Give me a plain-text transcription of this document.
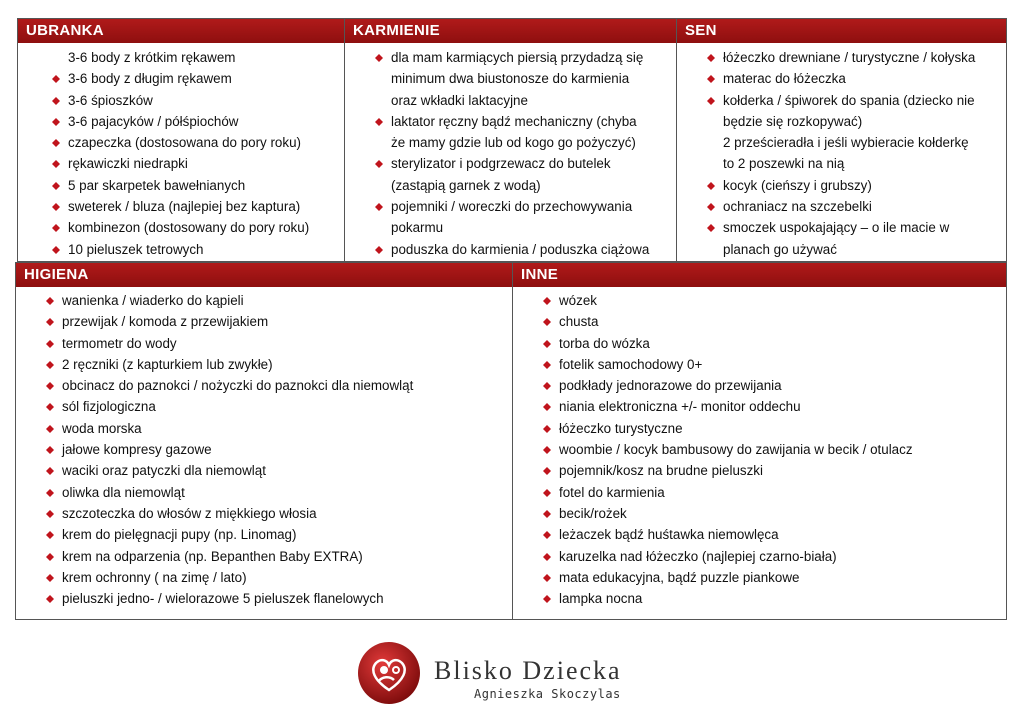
UBRANKA
3-6 body z krótkim rękawem
3-6 body z długim rękawem
3-6 śpioszków
3-6 pajacyków / półśpiochów
czapeczka (dostosowana do pory roku)
rękawiczki niedrapki
5 par skarpetek bawełnianych
sweterek / bluza (najlepiej bez kaptura)
kombinezon (dostosowany do pory roku)
10 pieluszek tetrowych
KARMIENIE
dla mam karmiących piersią przydadzą się
minimum dwa biustonosze do karmienia
oraz wkładki laktacyjne
laktator ręczny bądź mechaniczny (chyba
że mamy gdzie lub od kogo go pożyczyć)
sterylizator i podgrzewacz do butelek
(zastąpią garnek z wodą)
pojemniki / woreczki do przechowywania
pokarmu
poduszka do karmienia / poduszka ciążowa
SEN
łóżeczko drewniane / turystyczne / kołyska
materac do łóżeczka
kołderka / śpiworek do spania (dziecko nie
będzie się rozkopywać)
2 prześcieradła i jeśli wybieracie kołderkę
to 2 poszewki na nią
kocyk (cieńszy i grubszy)
ochraniacz na szczebelki
smoczek uspokajający – o ile macie w
planach go używać
HIGIENA
wanienka / wiaderko do kąpieli
przewijak / komoda z przewijakiem
termometr do wody
2 ręczniki (z kapturkiem lub zwykłe)
obcinacz do paznokci / nożyczki do paznokci dla niemowląt
sól fizjologiczna
woda morska
jałowe kompresy gazowe
waciki oraz patyczki dla niemowląt
oliwka dla niemowląt
szczoteczka do włosów z miękkiego włosia
krem do pielęgnacji pupy (np. Linomag)
krem na odparzenia (np. Bepanthen Baby EXTRA)
krem ochronny ( na zimę / lato)
pieluszki jedno- / wielorazowe 5 pieluszek flanelowych
INNE
wózek
chusta
torba do wózka
fotelik samochodowy 0+
podkłady jednorazowe do przewijania
niania elektroniczna +/- monitor oddechu
łóżeczko turystyczne
woombie / kocyk bambusowy do zawijania w becik / otulacz
pojemnik/kosz na brudne pieluszki
fotel do karmienia
becik/rożek
leżaczek bądź huśtawka niemowlęca
karuzelka nad łóżeczko (najlepiej czarno-biała)
mata edukacyjna, bądź puzzle piankowe
lampka nocna
Blisko Dziecka
Agnieszka Skoczylas
